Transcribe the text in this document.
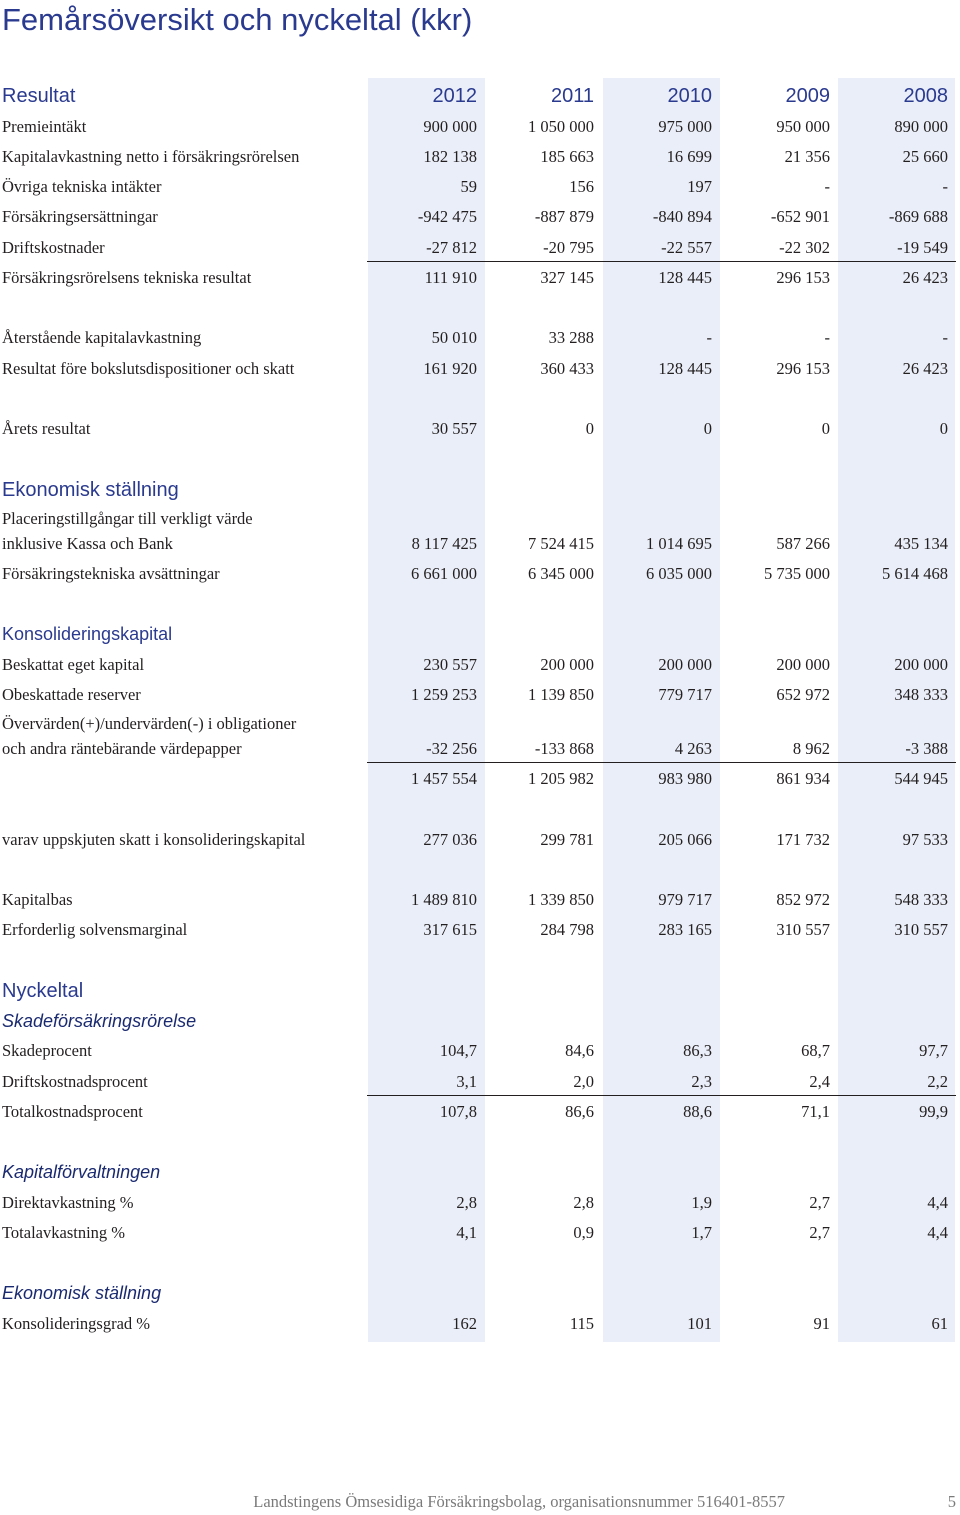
Femårsöversikt och nyckeltal (kkr)
Resultat	2012	2011	2010	2009	2008
Premieintäkt	900 000	1 050 000	975 000	950 000	890 000
Kapitalavkastning netto i försäkringsrörelsen	182 138	185 663	16 699	21 356	25 660
Övriga tekniska intäkter	59	156	197	-	-
Försäkringsersättningar	-942 475	-887 879	-840 894	-652 901	-869 688
Driftskostnader	-27 812	-20 795	-22 557	-22 302	-19 549
Försäkringsrörelsens tekniska resultat	111 910	327 145	128 445	296 153	26 423
Återstående kapitalavkastning	50 010	33 288	-	-	-
Resultat före bokslutsdispositioner och skatt	161 920	360 433	128 445	296 153	26 423
Årets resultat	30 557	0	0	0	0
Ekonomisk ställning
Placeringstillgångar till verkligt värde
inklusive Kassa och Bank	8 117 425	7 524 415	1 014 695	587 266	435 134
Försäkringstekniska avsättningar	6 661 000	6 345 000	6 035 000	5 735 000	5 614 468
Konsolideringskapital
Beskattat eget kapital	230 557	200 000	200 000	200 000	200 000
Obeskattade reserver	1 259 253	1 139 850	779 717	652 972	348 333
Övervärden(+)/undervärden(-) i obligationer
och andra räntebärande värdepapper	-32 256	-133 868	4 263	8 962	-3 388
1 457 554	1 205 982	983 980	861 934	544 945
varav uppskjuten skatt i konsolideringskapital	277 036	299 781	205 066	171 732	97 533
Kapitalbas	1 489 810	1 339 850	979 717	852 972	548 333
Erforderlig solvensmarginal	317 615	284 798	283 165	310 557	310 557
Nyckeltal
Skadeförsäkringsrörelse
Skadeprocent	104,7	84,6	86,3	68,7	97,7
Driftskostnadsprocent	3,1	2,0	2,3	2,4	2,2
Totalkostnadsprocent	107,8	86,6	88,6	71,1	99,9
Kapitalförvaltningen
Direktavkastning %	2,8	2,8	1,9	2,7	4,4
Totalavkastning %	4,1	0,9	1,7	2,7	4,4
Ekonomisk ställning
Konsolideringsgrad %	162	115	101	91	61
Landstingens Ömsesidiga Försäkringsbolag, organisationsnummer 516401-8557	5
